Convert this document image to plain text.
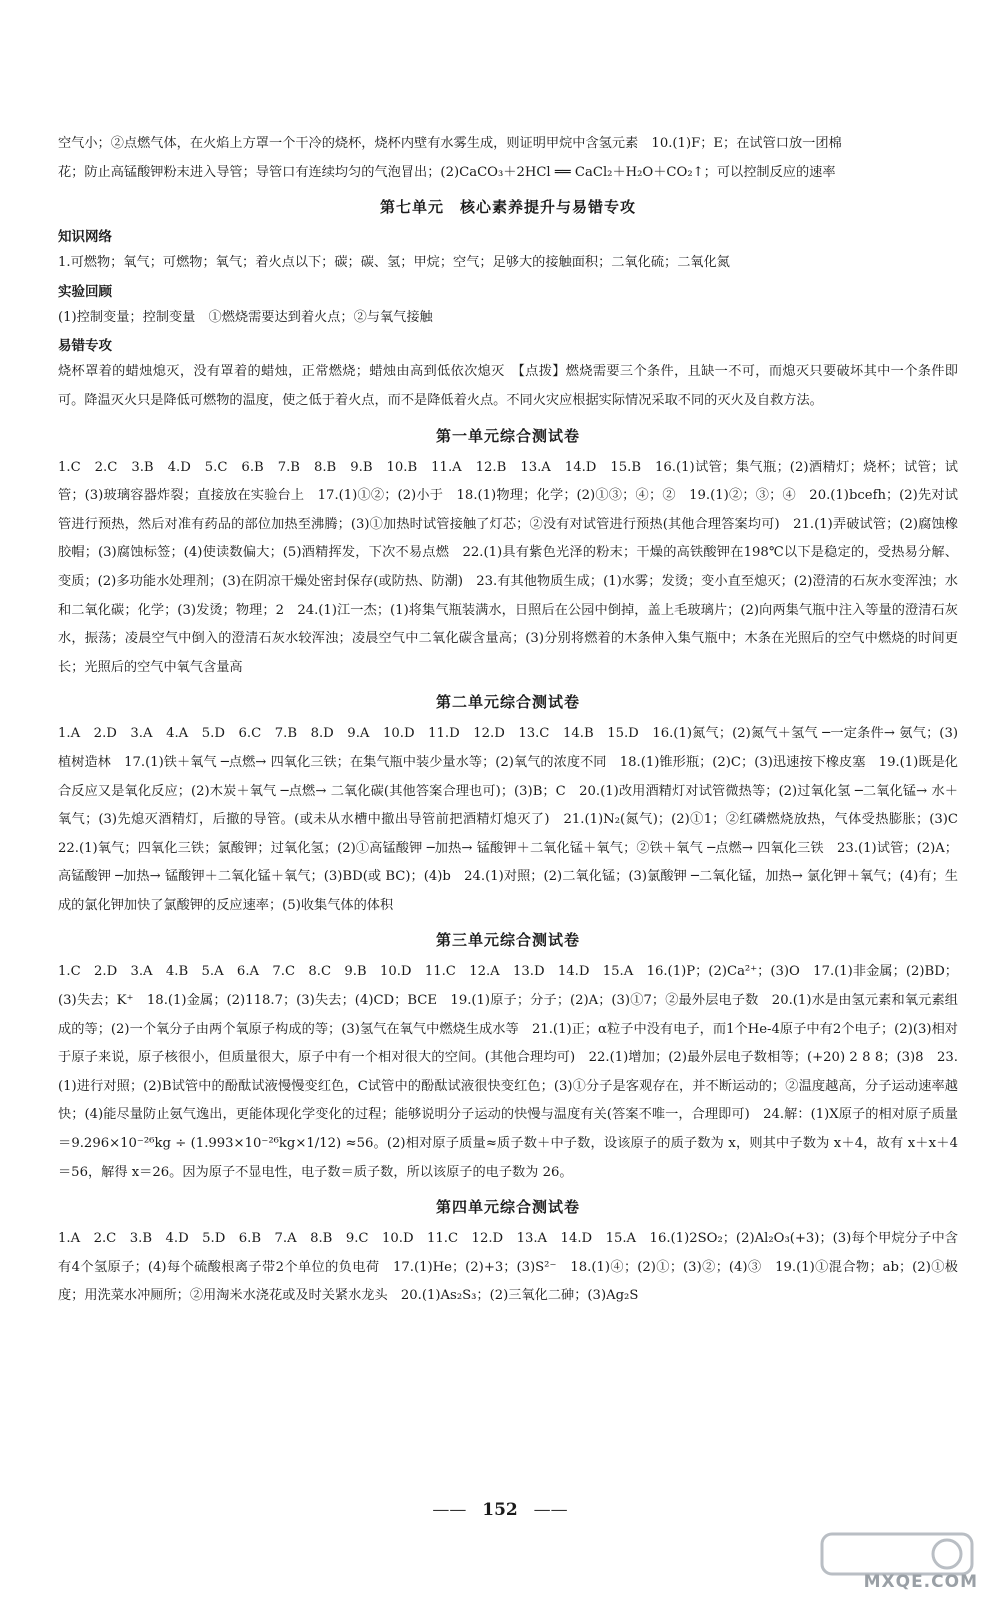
空气小；②点燃气体，在火焰上方罩一个干冷的烧杯，烧杯内壁有水雾生成，则证明甲烷中含氢元素　10.(1)F；E；在试管口放一团棉

花；防止高锰酸钾粉末进入导管；导管口有连续均匀的气泡冒出；(2)CaCO₃＋2HCl ══ CaCl₂＋H₂O＋CO₂↑；可以控制反应的速率

第七单元　核心素养提升与易错专攻
知识网络

1.可燃物；氧气；可燃物；氧气；着火点以下；碳；碳、氢；甲烷；空气；足够大的接触面积；二氧化硫；二氧化氮

实验回顾

(1)控制变量；控制变量　①燃烧需要达到着火点；②与氧气接触

易错专攻

烧杯罩着的蜡烛熄灭，没有罩着的蜡烛，正常燃烧；蜡烛由高到低依次熄灭　【点拨】燃烧需要三个条件，且缺一不可，而熄灭只要破坏其中一个条件即可。降温灭火只是降低可燃物的温度，使之低于着火点，而不是降低着火点。不同火灾应根据实际情况采取不同的灭火及自救方法。

第一单元综合测试卷

1.C　2.C　3.B　4.D　5.C　6.B　7.B　8.B　9.B　10.B　11.A　12.B　13.A　14.D　15.B　16.(1)试管；集气瓶；(2)酒精灯；烧杯；试管；试管；(3)玻璃容器炸裂；直接放在实验台上　17.(1)①②；(2)小于　18.(1)物理；化学；(2)①③；④；②　19.(1)②；③；④　20.(1)bcefh；(2)先对试管进行预热，然后对准有药品的部位加热至沸腾；(3)①加热时试管接触了灯芯；②没有对试管进行预热(其他合理答案均可)　21.(1)弄破试管；(2)腐蚀橡胶帽；(3)腐蚀标签；(4)使读数偏大；(5)酒精挥发，下次不易点燃　22.(1)具有紫色光泽的粉末；干燥的高铁酸钾在198℃以下是稳定的，受热易分解、变质；(2)多功能水处理剂；(3)在阴凉干燥处密封保存(或防热、防潮)　23.有其他物质生成；(1)水雾；发烫；变小直至熄灭；(2)澄清的石灰水变浑浊；水和二氧化碳；化学；(3)发烫；物理；2　24.(1)江一杰；(1)将集气瓶装满水，日照后在公园中倒掉，盖上毛玻璃片；(2)向两集气瓶中注入等量的澄清石灰水，振荡；凌晨空气中倒入的澄清石灰水较浑浊；凌晨空气中二氧化碳含量高；(3)分别将燃着的木条伸入集气瓶中；木条在光照后的空气中燃烧的时间更长；光照后的空气中氧气含量高

第二单元综合测试卷

1.A　2.D　3.A　4.A　5.D　6.C　7.B　8.D　9.A　10.D　11.D　12.D　13.C　14.B　15.D　16.(1)氮气；(2)氮气＋氢气 ─一定条件→ 氨气；(3)植树造林　17.(1)铁＋氧气 ─点燃→ 四氧化三铁；在集气瓶中装少量水等；(2)氧气的浓度不同　18.(1)锥形瓶；(2)C；(3)迅速按下橡皮塞　19.(1)既是化合反应又是氧化反应；(2)木炭＋氧气 ─点燃→ 二氧化碳(其他答案合理也可)；(3)B；C　20.(1)改用酒精灯对试管微热等；(2)过氧化氢 ─二氧化锰→ 水＋氧气；(3)先熄灭酒精灯，后撤的导管。(或未从水槽中撤出导管前把酒精灯熄灭了)　21.(1)N₂(氮气)；(2)①1；②红磷燃烧放热，气体受热膨胀；(3)C　22.(1)氧气；四氧化三铁；氯酸钾；过氧化氢；(2)①高锰酸钾 ─加热→ 锰酸钾＋二氧化锰＋氧气；②铁＋氧气 ─点燃→ 四氧化三铁　23.(1)试管；(2)A；高锰酸钾 ─加热→ 锰酸钾＋二氧化锰＋氧气；(3)BD(或 BC)；(4)b　24.(1)对照；(2)二氧化锰；(3)氯酸钾 ─二氧化锰，加热→ 氯化钾＋氧气；(4)有；生成的氯化钾加快了氯酸钾的反应速率；(5)收集气体的体积

第三单元综合测试卷

1.C　2.D　3.A　4.B　5.A　6.A　7.C　8.C　9.B　10.D　11.C　12.A　13.D　14.D　15.A　16.(1)P；(2)Ca²⁺；(3)O　17.(1)非金属；(2)BD；(3)失去；K⁺　18.(1)金属；(2)118.7；(3)失去；(4)CD；BCE　19.(1)原子；分子；(2)A；(3)①7；②最外层电子数　20.(1)水是由氢元素和氧元素组成的等；(2)一个氧分子由两个氧原子构成的等；(3)氢气在氧气中燃烧生成水等　21.(1)正；α粒子中没有电子，而1个He-4原子中有2个电子；(2)(3)相对于原子来说，原子核很小，但质量很大，原子中有一个相对很大的空间。(其他合理均可)　22.(1)增加；(2)最外层电子数相等；(+20) 2 8 8；(3)8　23.(1)进行对照；(2)B试管中的酚酞试液慢慢变红色，C试管中的酚酞试液很快变红色；(3)①分子是客观存在，并不断运动的；②温度越高，分子运动速率越快；(4)能尽量防止氨气逸出，更能体现化学变化的过程；能够说明分子运动的快慢与温度有关(答案不唯一，合理即可)　24.解：(1)X原子的相对原子质量＝9.296×10⁻²⁶kg ÷ (1.993×10⁻²⁶kg×1/12) ≈56。(2)相对原子质量≈质子数＋中子数，设该原子的质子数为 x，则其中子数为 x＋4，故有 x＋x＋4＝56，解得 x＝26。因为原子不显电性，电子数＝质子数，所以该原子的电子数为 26。

第四单元综合测试卷

1.A　2.C　3.B　4.D　5.D　6.B　7.A　8.B　9.C　10.D　11.C　12.D　13.A　14.D　15.A　16.(1)2SO₂；(2)Al₂O₃(+3)；(3)每个甲烷分子中含有4个氢原子；(4)每个硫酸根离子带2个单位的负电荷　17.(1)He；(2)+3；(3)S²⁻　18.(1)④；(2)①；(3)②；(4)③　19.(1)①混合物；ab；(2)①极度；用洗菜水冲厕所；②用淘米水浇花或及时关紧水龙头　20.(1)As₂S₃；(2)三氧化二砷；(3)Ag₂S

—— 152 ——
MXQE.COM
